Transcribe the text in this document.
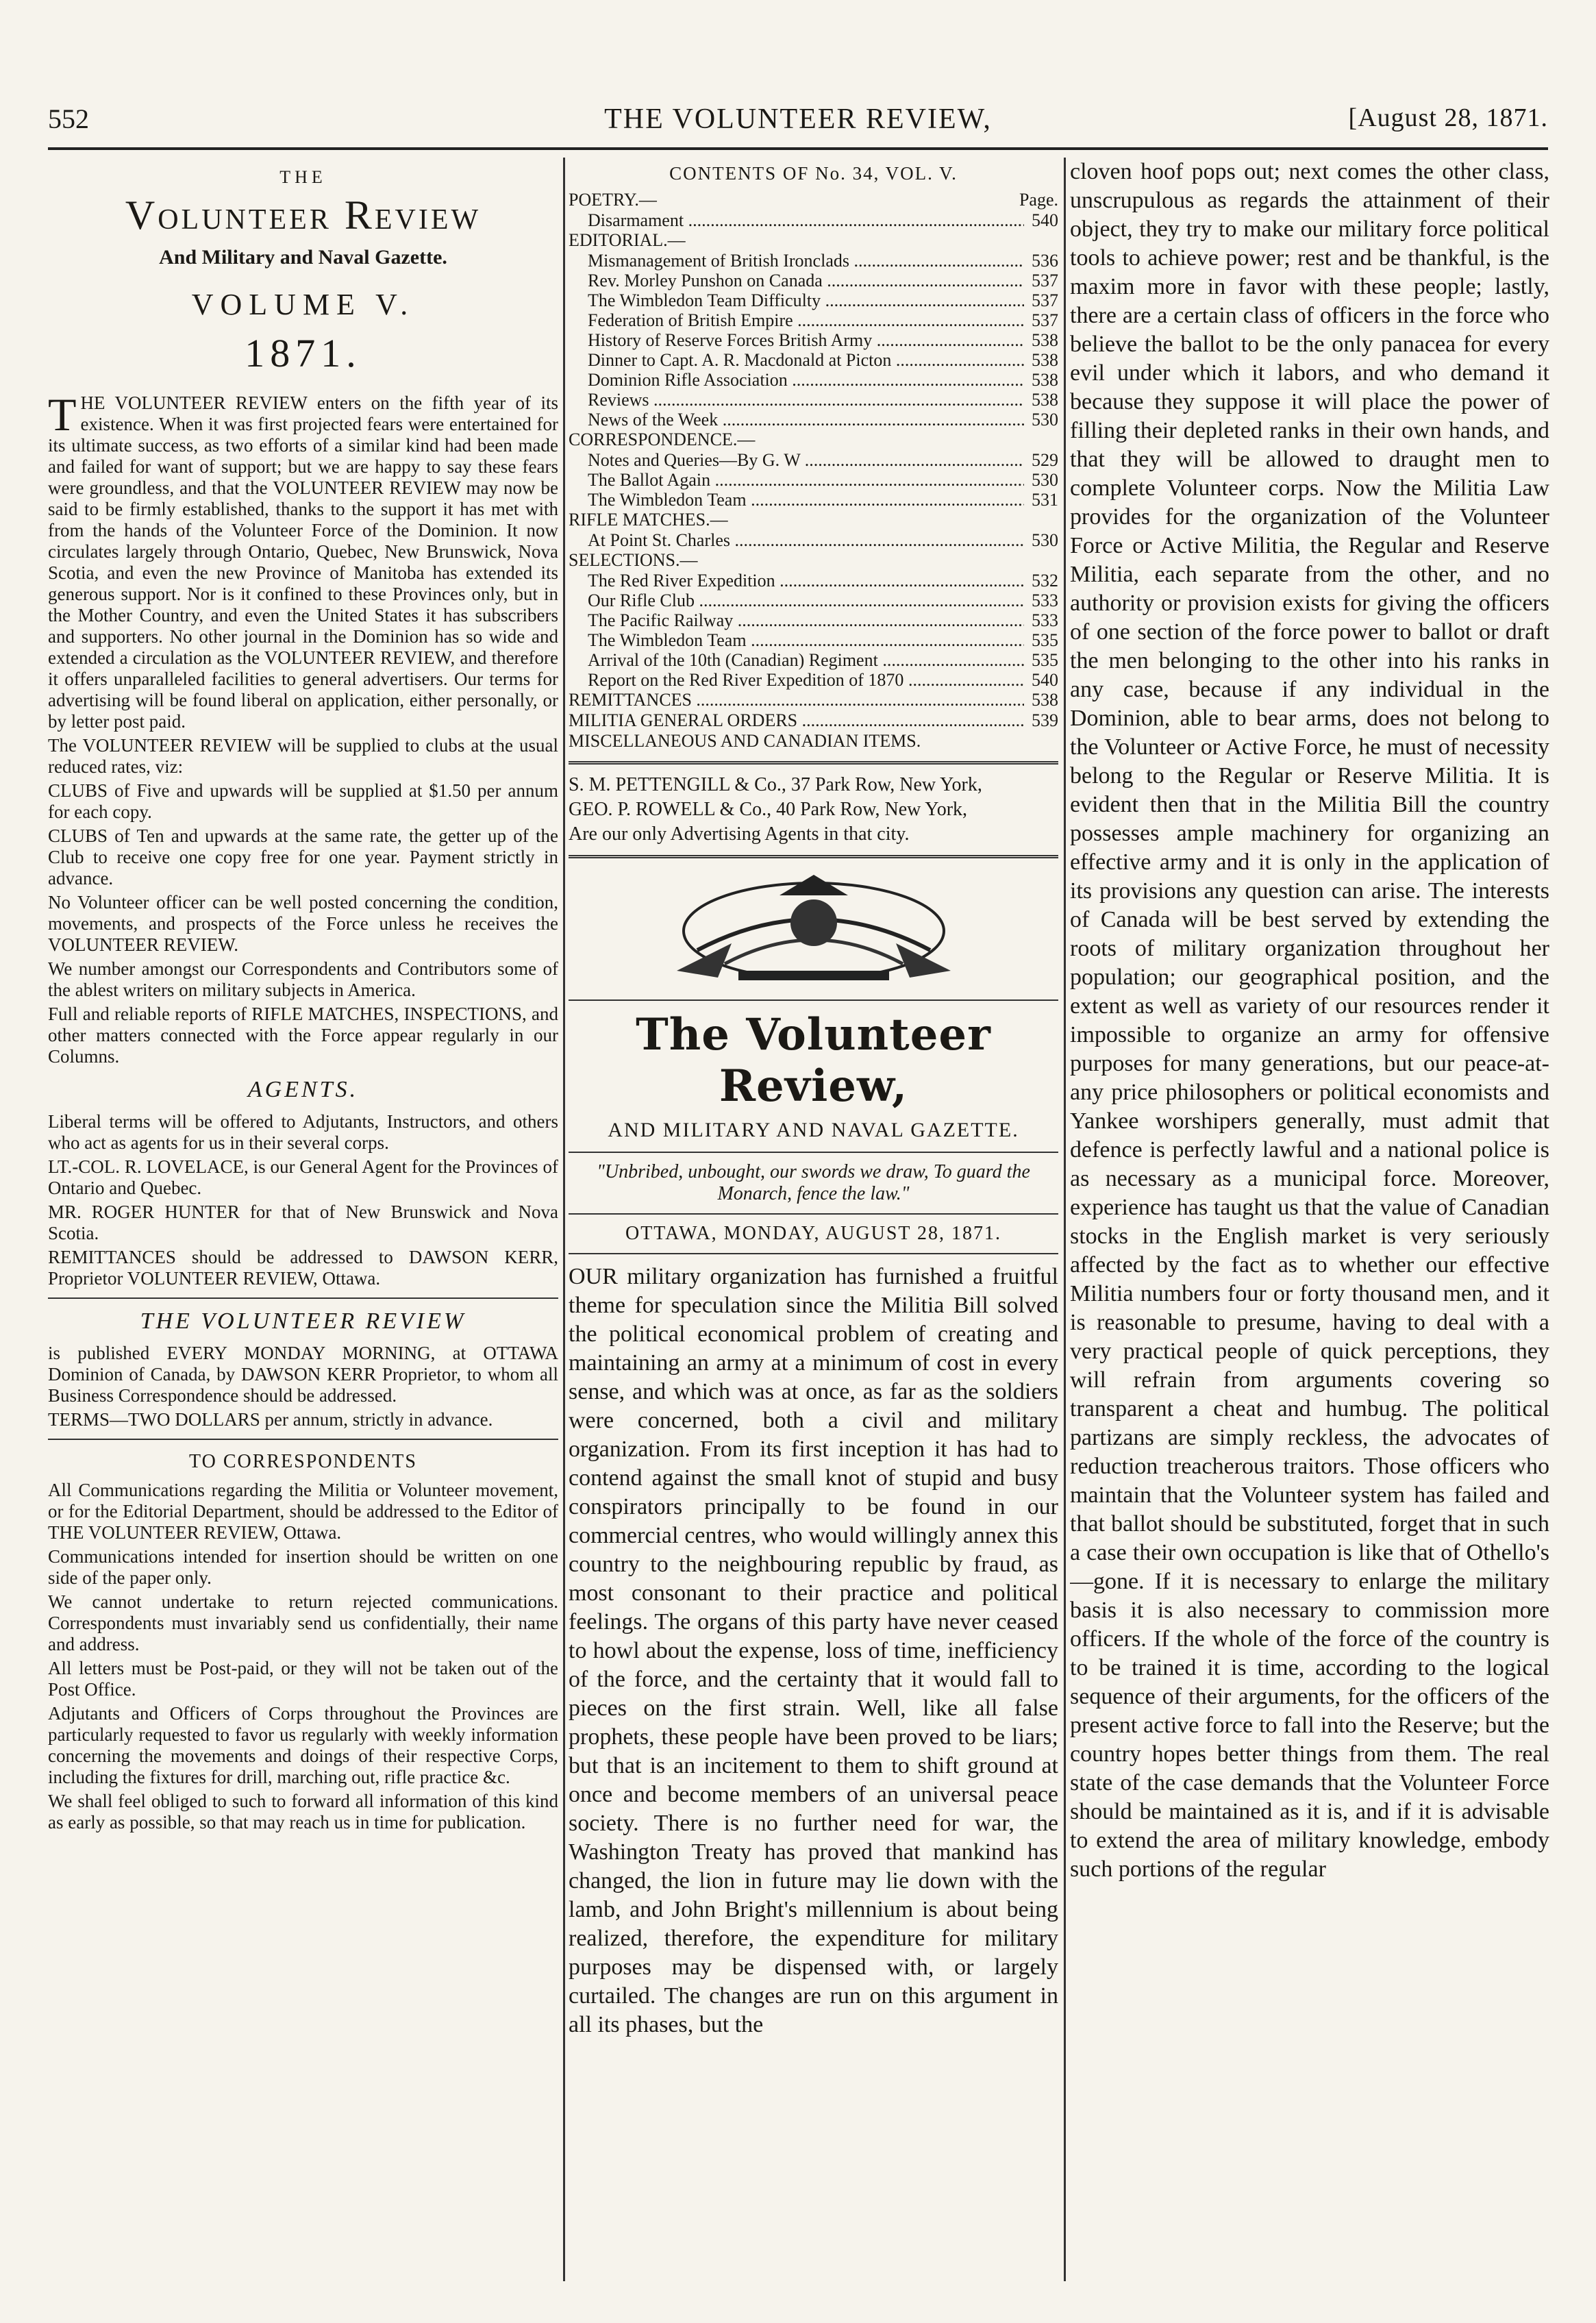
552	THE VOLUNTEER REVIEW,	[August 28, 1871.
THE
Volunteer Review
And Military and Naval Gazette.
VOLUME V.
1871.

THE VOLUNTEER REVIEW enters on the fifth year of its existence. When it was first projected fears were entertained for its ultimate success, as two efforts of a similar kind had been made and failed for want of support; but we are happy to say these fears were groundless, and that the VOLUNTEER REVIEW may now be said to be firmly established, thanks to the support it has met with from the hands of the Volunteer Force of the Dominion. It now circulates largely through Ontario, Quebec, New Brunswick, Nova Scotia, and even the new Province of Manitoba has extended its generous support. Nor is it confined to these Provinces only, but in the Mother Country, and even the United States it has subscribers and supporters. No other journal in the Dominion has so wide and extended a circulation as the VOLUNTEER REVIEW, and therefore it offers unparalleled facilities to general advertisers. Our terms for advertising will be found liberal on application, either personally, or by letter post paid.

The VOLUNTEER REVIEW will be supplied to clubs at the usual reduced rates, viz:

CLUBS of Five and upwards will be supplied at $1.50 per annum for each copy.

CLUBS of Ten and upwards at the same rate, the getter up of the Club to receive one copy free for one year. Payment strictly in advance.

No Volunteer officer can be well posted concerning the condition, movements, and prospects of the Force unless he receives the VOLUNTEER REVIEW.

We number amongst our Correspondents and Contributors some of the ablest writers on military subjects in America.

Full and reliable reports of RIFLE MATCHES, INSPECTIONS, and other matters connected with the Force appear regularly in our Columns.

AGENTS.

Liberal terms will be offered to Adjutants, Instructors, and others who act as agents for us in their several corps.

LT.-COL. R. LOVELACE, is our General Agent for the Provinces of Ontario and Quebec.

MR. ROGER HUNTER for that of New Brunswick and Nova Scotia.

REMITTANCES should be addressed to DAWSON KERR, Proprietor VOLUNTEER REVIEW, Ottawa.

THE VOLUNTEER REVIEW

is published EVERY MONDAY MORNING, at OTTAWA Dominion of Canada, by DAWSON KERR Proprietor, to whom all Business Correspondence should be addressed.

TERMS—TWO DOLLARS per annum, strictly in advance.

TO CORRESPONDENTS

All Communications regarding the Militia or Volunteer movement, or for the Editorial Department, should be addressed to the Editor of THE VOLUNTEER REVIEW, Ottawa.

Communications intended for insertion should be written on one side of the paper only.

We cannot undertake to return rejected communications. Correspondents must invariably send us confidentially, their name and address.

All letters must be Post-paid, or they will not be taken out of the Post Office.

Adjutants and Officers of Corps throughout the Provinces are particularly requested to favor us regularly with weekly information concerning the movements and doings of their respective Corps, including the fixtures for drill, marching out, rifle practice &c.

We shall feel obliged to such to forward all information of this kind as early as possible, so that may reach us in time for publication.

CONTENTS OF No. 34, VOL. V.
POETRY.—	Page.
Disarmament .....	540
EDITORIAL.—
Mismanagement of British Ironclads .....	536
Rev. Morley Punshon on Canada .....	537
The Wimbledon Team Difficulty .....	537
Federation of British Empire .....	537
History of Reserve Forces British Army .....	538
Dinner to Capt. A. R. Macdonald at Picton .....	538
Dominion Rifle Association .....	538
Reviews .....	538
News of the Week .....	530
CORRESPONDENCE.—
Notes and Queries—By G. W .....	529
The Ballot Again .....	530
The Wimbledon Team .....	531
RIFLE MATCHES.—
At Point St. Charles .....	530
SELECTIONS.—
The Red River Expedition .....	532
Our Rifle Club .....	533
The Pacific Railway .....	533
The Wimbledon Team .....	535
Arrival of the 10th (Canadian) Regiment .....	535
Report on the Red River Expedition of 1870 .....	540
REMITTANCES .....	538
MILITIA GENERAL ORDERS .....	539
MISCELLANEOUS AND CANADIAN ITEMS.

S. M. PETTENGILL & Co., 37 Park Row, New York,

GEO. P. ROWELL & Co., 40 Park Row, New York,

Are our only Advertising Agents in that city.

The Volunteer Review,
AND MILITARY AND NAVAL GAZETTE.
"Unbribed, unbought, our swords we draw, To guard the Monarch, fence the law."
OTTAWA, MONDAY, AUGUST 28, 1871.

OUR military organization has furnished a fruitful theme for speculation since the Militia Bill solved the political economical problem of creating and maintaining an army at a minimum of cost in every sense, and which was at once, as far as the soldiers were concerned, both a civil and military organization. From its first inception it has had to contend against the small knot of stupid and busy conspirators principally to be found in our commercial centres, who would willingly annex this country to the neighbouring republic by fraud, as most consonant to their practice and political feelings. The organs of this party have never ceased to howl about the expense, loss of time, inefficiency of the force, and the certainty that it would fall to pieces on the first strain. Well, like all false prophets, these people have been proved to be liars; but that is an incitement to them to shift ground at once and become members of an universal peace society. There is no further need for war, the Washington Treaty has proved that mankind has changed, the lion in future may lie down with the lamb, and John Bright's millennium is about being realized, therefore, the expenditure for military purposes may be dispensed with, or largely curtailed. The changes are run on this argument in all its phases, but the

cloven hoof pops out; next comes the other class, unscrupulous as regards the attainment of their object, they try to make our military force political tools to achieve power; rest and be thankful, is the maxim more in favor with these people; lastly, there are a certain class of officers in the force who believe the ballot to be the only panacea for every evil under which it labors, and who demand it because they suppose it will place the power of filling their depleted ranks in their own hands, and that they will be allowed to draught men to complete Volunteer corps. Now the Militia Law provides for the organization of the Volunteer Force or Active Militia, the Regular and Reserve Militia, each separate from the other, and no authority or provision exists for giving the officers of one section of the force power to ballot or draft the men belonging to the other into his ranks in any case, because if any individual in the Dominion, able to bear arms, does not belong to the Volunteer or Active Force, he must of necessity belong to the Regular or Reserve Militia. It is evident then that in the Militia Bill the country possesses ample machinery for organizing an effective army and it is only in the application of its provisions any question can arise. The interests of Canada will be best served by extending the roots of military organization throughout her population; our geographical position, and the extent as well as variety of our resources render it impossible to organize an army for offensive purposes for many generations, but our peace-at-any price philosophers or political economists and Yankee worshipers generally, must admit that defence is perfectly lawful and a national police is as necessary as a municipal force. Moreover, experience has taught us that the value of Canadian stocks in the English market is very seriously affected by the fact as to whether our effective Militia numbers four or forty thousand men, and it is reasonable to presume, having to deal with a very practical people of quick perceptions, they will refrain from arguments covering so transparent a cheat and humbug. The political partizans are simply reckless, the advocates of reduction treacherous traitors. Those officers who maintain that the Volunteer system has failed and that ballot should be substituted, forget that in such a case their own occupation is like that of Othello's—gone. If it is necessary to enlarge the military basis it is also necessary to commission more officers. If the whole of the force of the country is to be trained it is time, according to the logical sequence of their arguments, for the officers of the present active force to fall into the Reserve; but the country hopes better things from them. The real state of the case demands that the Volunteer Force should be maintained as it is, and if it is advisable to extend the area of military knowledge, embody such portions of the regular
